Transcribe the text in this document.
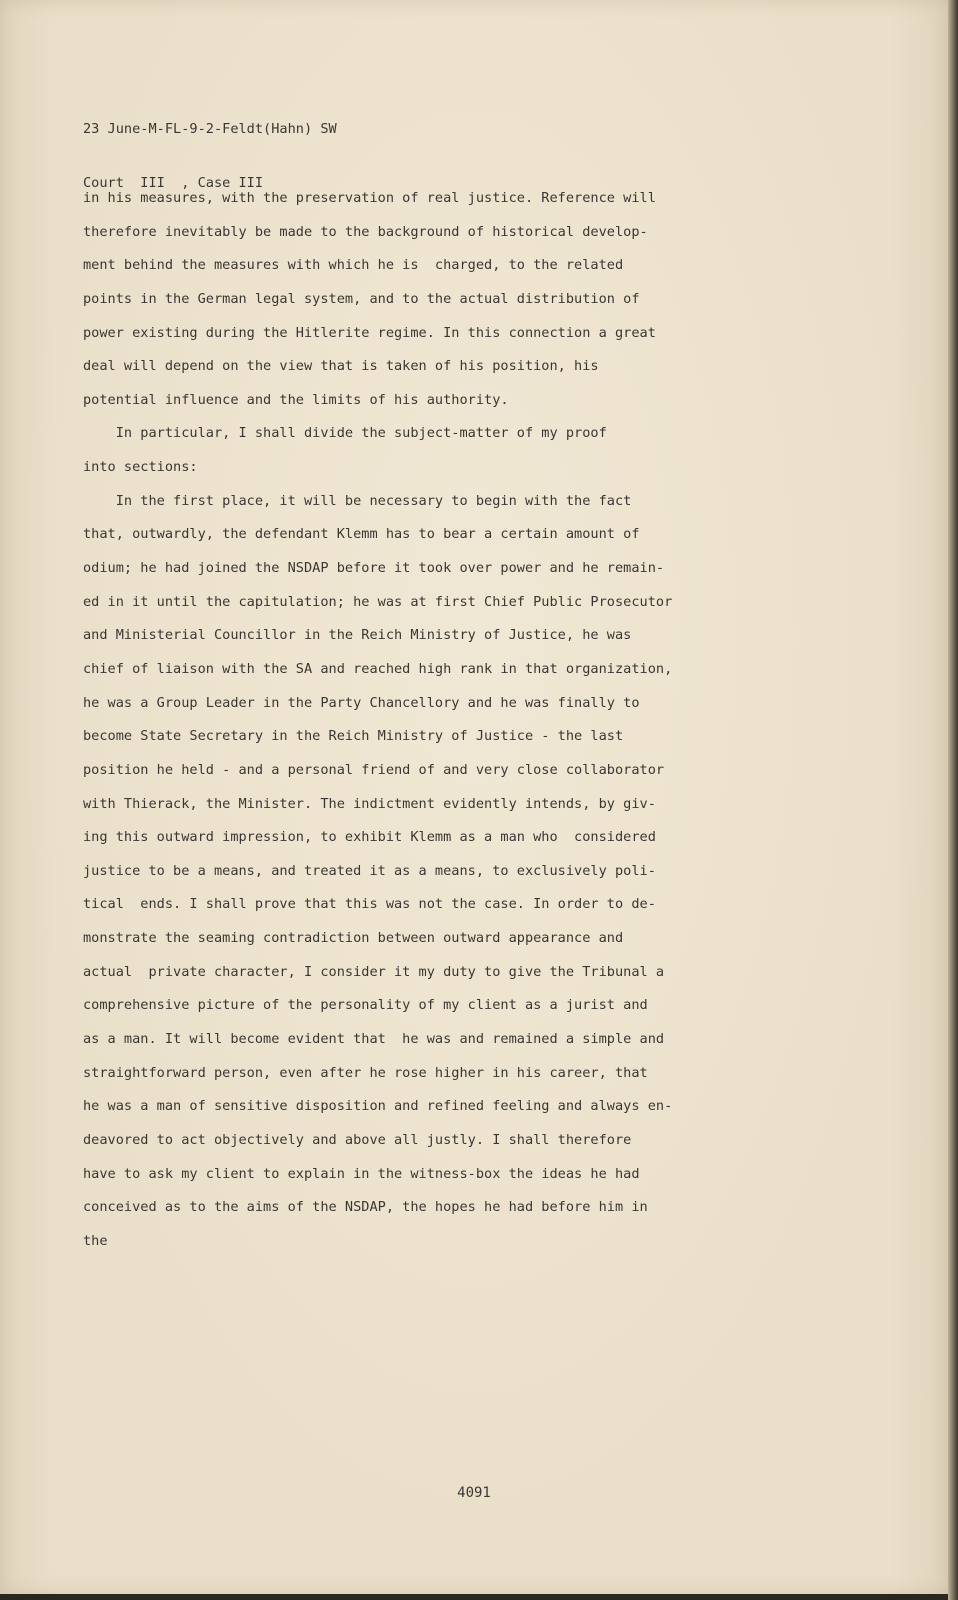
23 June-M-FL-9-2-Feldt(Hahn) SW

Court  III  , Case III

in his measures, with the preservation of real justice. Reference will
therefore inevitably be made to the background of historical develop-
ment behind the measures with which he is  charged, to the related
points in the German legal system, and to the actual distribution of
power existing during the Hitlerite regime. In this connection a great
deal will depend on the view that is taken of his position, his
potential influence and the limits of his authority.
In particular, I shall divide the subject-matter of my proof
into sections:
In the first place, it will be necessary to begin with the fact
that, outwardly, the defendant Klemm has to bear a certain amount of
odium; he had joined the NSDAP before it took over power and he remain-
ed in it until the capitulation; he was at first Chief Public Prosecutor
and Ministerial Councillor in the Reich Ministry of Justice, he was
chief of liaison with the SA and reached high rank in that organization,
he was a Group Leader in the Party Chancellory and he was finally to
become State Secretary in the Reich Ministry of Justice - the last
position he held - and a personal friend of and very close collaborator
with Thierack, the Minister. The indictment evidently intends, by giv-
ing this outward impression, to exhibit Klemm as a man who  considered
justice to be a means, and treated it as a means, to exclusively poli-
tical  ends. I shall prove that this was not the case. In order to de-
monstrate the seaming contradiction between outward appearance and
actual  private character, I consider it my duty to give the Tribunal a
comprehensive picture of the personality of my client as a jurist and
as a man. It will become evident that  he was and remained a simple and
straightforward person, even after he rose higher in his career, that
he was a man of sensitive disposition and refined feeling and always en-
deavored to act objectively and above all justly. I shall therefore
have to ask my client to explain in the witness-box the ideas he had
conceived as to the aims of the NSDAP, the hopes he had before him in
the
4091
